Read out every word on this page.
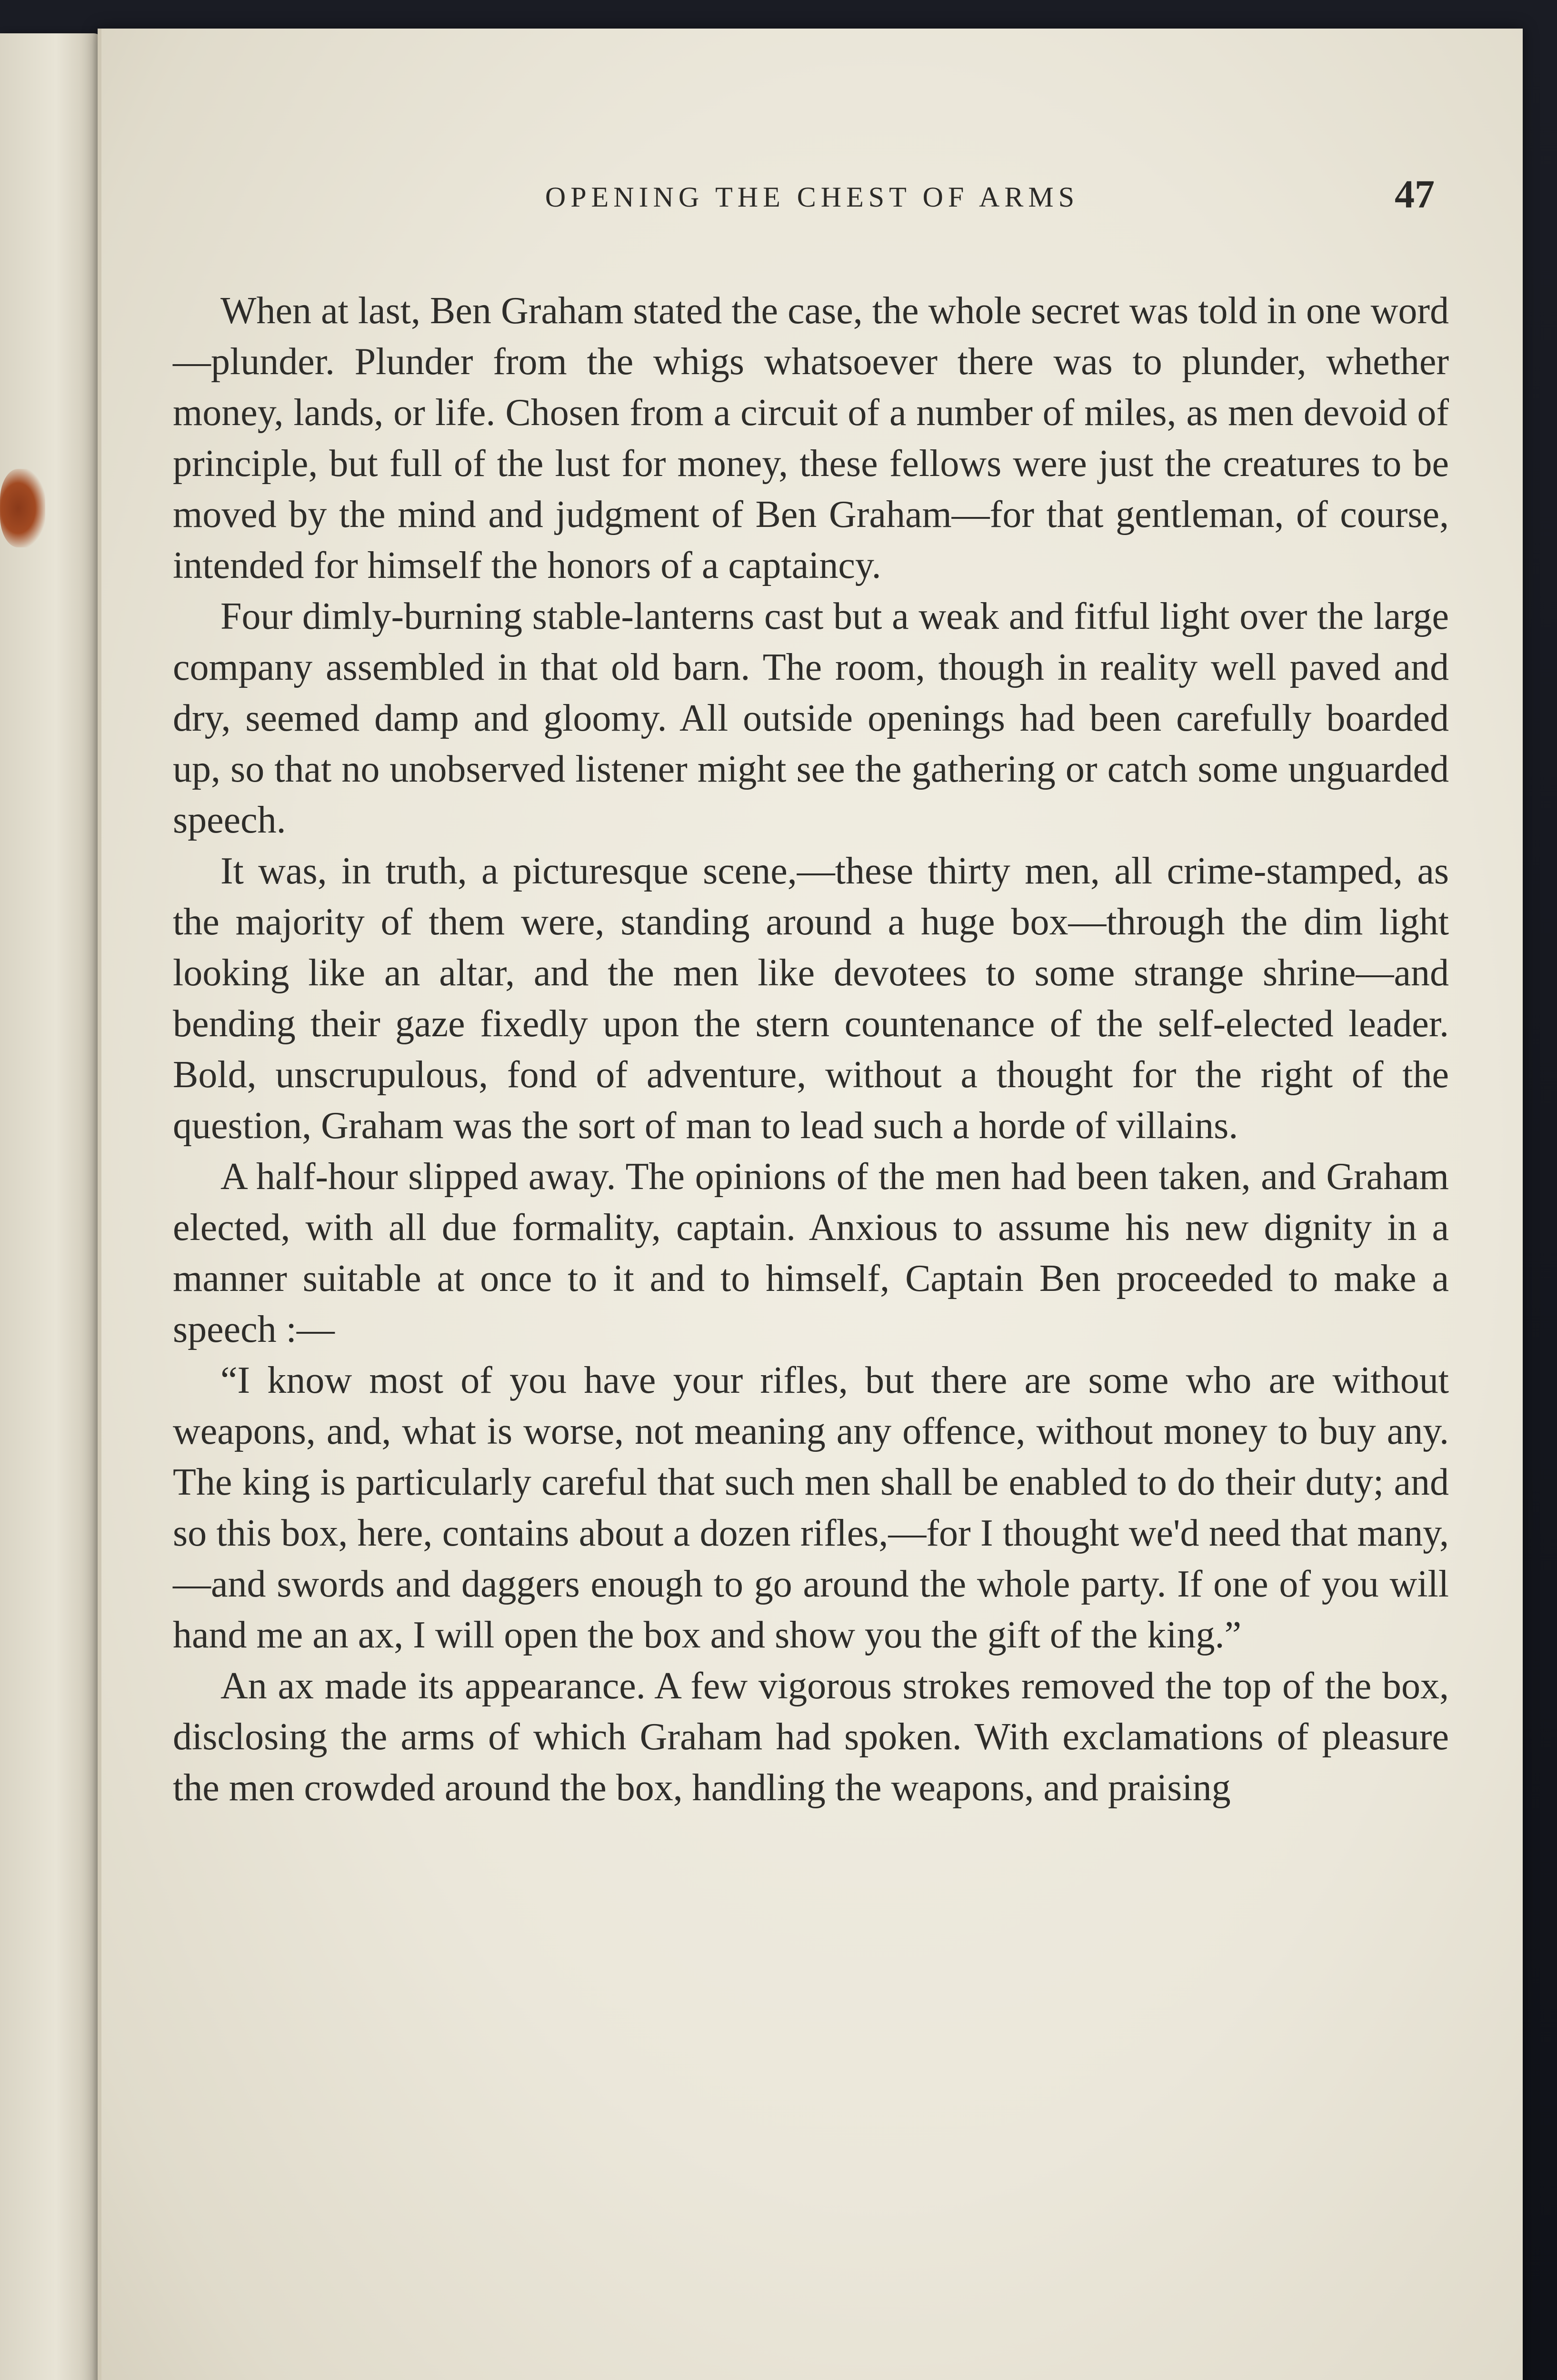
OPENING THE CHEST OF ARMS	47

When at last, Ben Graham stated the case, the whole secret was told in one word—plunder. Plunder from the whigs whatsoever there was to plunder, whether money, lands, or life. Chosen from a circuit of a number of miles, as men devoid of principle, but full of the lust for money, these fellows were just the creatures to be moved by the mind and judgment of Ben Graham—for that gentleman, of course, intended for himself the honors of a captaincy.

Four dimly-burning stable-lanterns cast but a weak and fitful light over the large company assembled in that old barn. The room, though in reality well paved and dry, seemed damp and gloomy. All outside openings had been carefully boarded up, so that no unobserved listener might see the gathering or catch some unguarded speech.

It was, in truth, a picturesque scene,—these thirty men, all crime-stamped, as the majority of them were, standing around a huge box—through the dim light looking like an altar, and the men like devotees to some strange shrine—and bending their gaze fixedly upon the stern countenance of the self-elected leader. Bold, unscrupulous, fond of adventure, without a thought for the right of the question, Graham was the sort of man to lead such a horde of villains.

A half-hour slipped away. The opinions of the men had been taken, and Graham elected, with all due formality, captain. Anxious to assume his new dignity in a manner suitable at once to it and to himself, Captain Ben proceeded to make a speech :—

“I know most of you have your rifles, but there are some who are without weapons, and, what is worse, not meaning any offence, without money to buy any. The king is particularly careful that such men shall be enabled to do their duty; and so this box, here, contains about a dozen rifles,—for I thought we'd need that many,—and swords and daggers enough to go around the whole party. If one of you will hand me an ax, I will open the box and show you the gift of the king.”

An ax made its appearance. A few vigorous strokes removed the top of the box, disclosing the arms of which Graham had spoken. With exclamations of pleasure the men crowded around the box, handling the weapons, and praising
